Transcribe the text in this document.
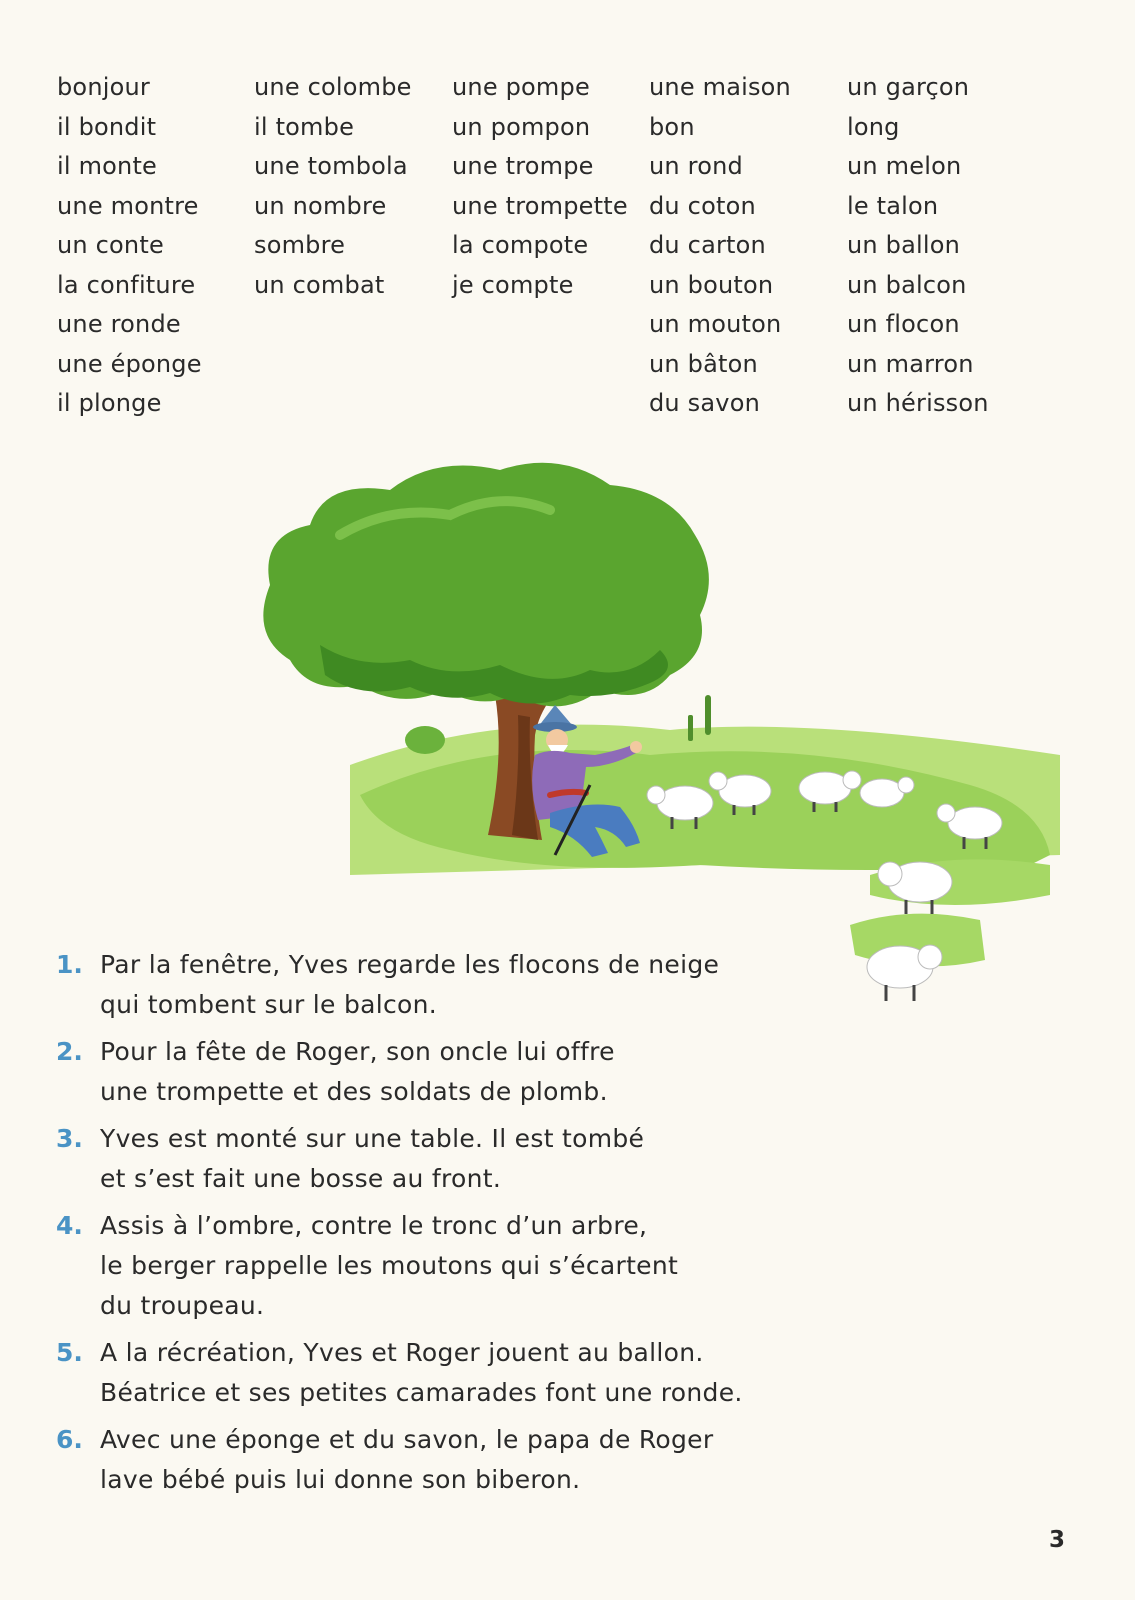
bonjour
il bondit
il monte
une montre
un conte
la confiture
une ronde
une éponge
il plonge
une colombe
il tombe
une tombola
un nombre
sombre
un combat
une pompe
un pompon
une trompe
une trompette
la compote
je compte
une maison
bon
un rond
du coton
du carton
un bouton
un mouton
un bâton
du savon
un garçon
long
un melon
le talon
un ballon
un balcon
un flocon
un marron
un hérisson
1. Par la fenêtre, Yves regarde les flocons de neige
qui tombent sur le balcon.
2. Pour la fête de Roger, son oncle lui offre
une trompette et des soldats de plomb.
3. Yves est monté sur une table. Il est tombé
et s’est fait une bosse au front.
4. Assis à l’ombre, contre le tronc d’un arbre,
le berger rappelle les moutons qui s’écartent
du troupeau.
5. A la récréation, Yves et Roger jouent au ballon.
Béatrice et ses petites camarades font une ronde.
6. Avec une éponge et du savon, le papa de Roger
lave bébé puis lui donne son biberon.
3
